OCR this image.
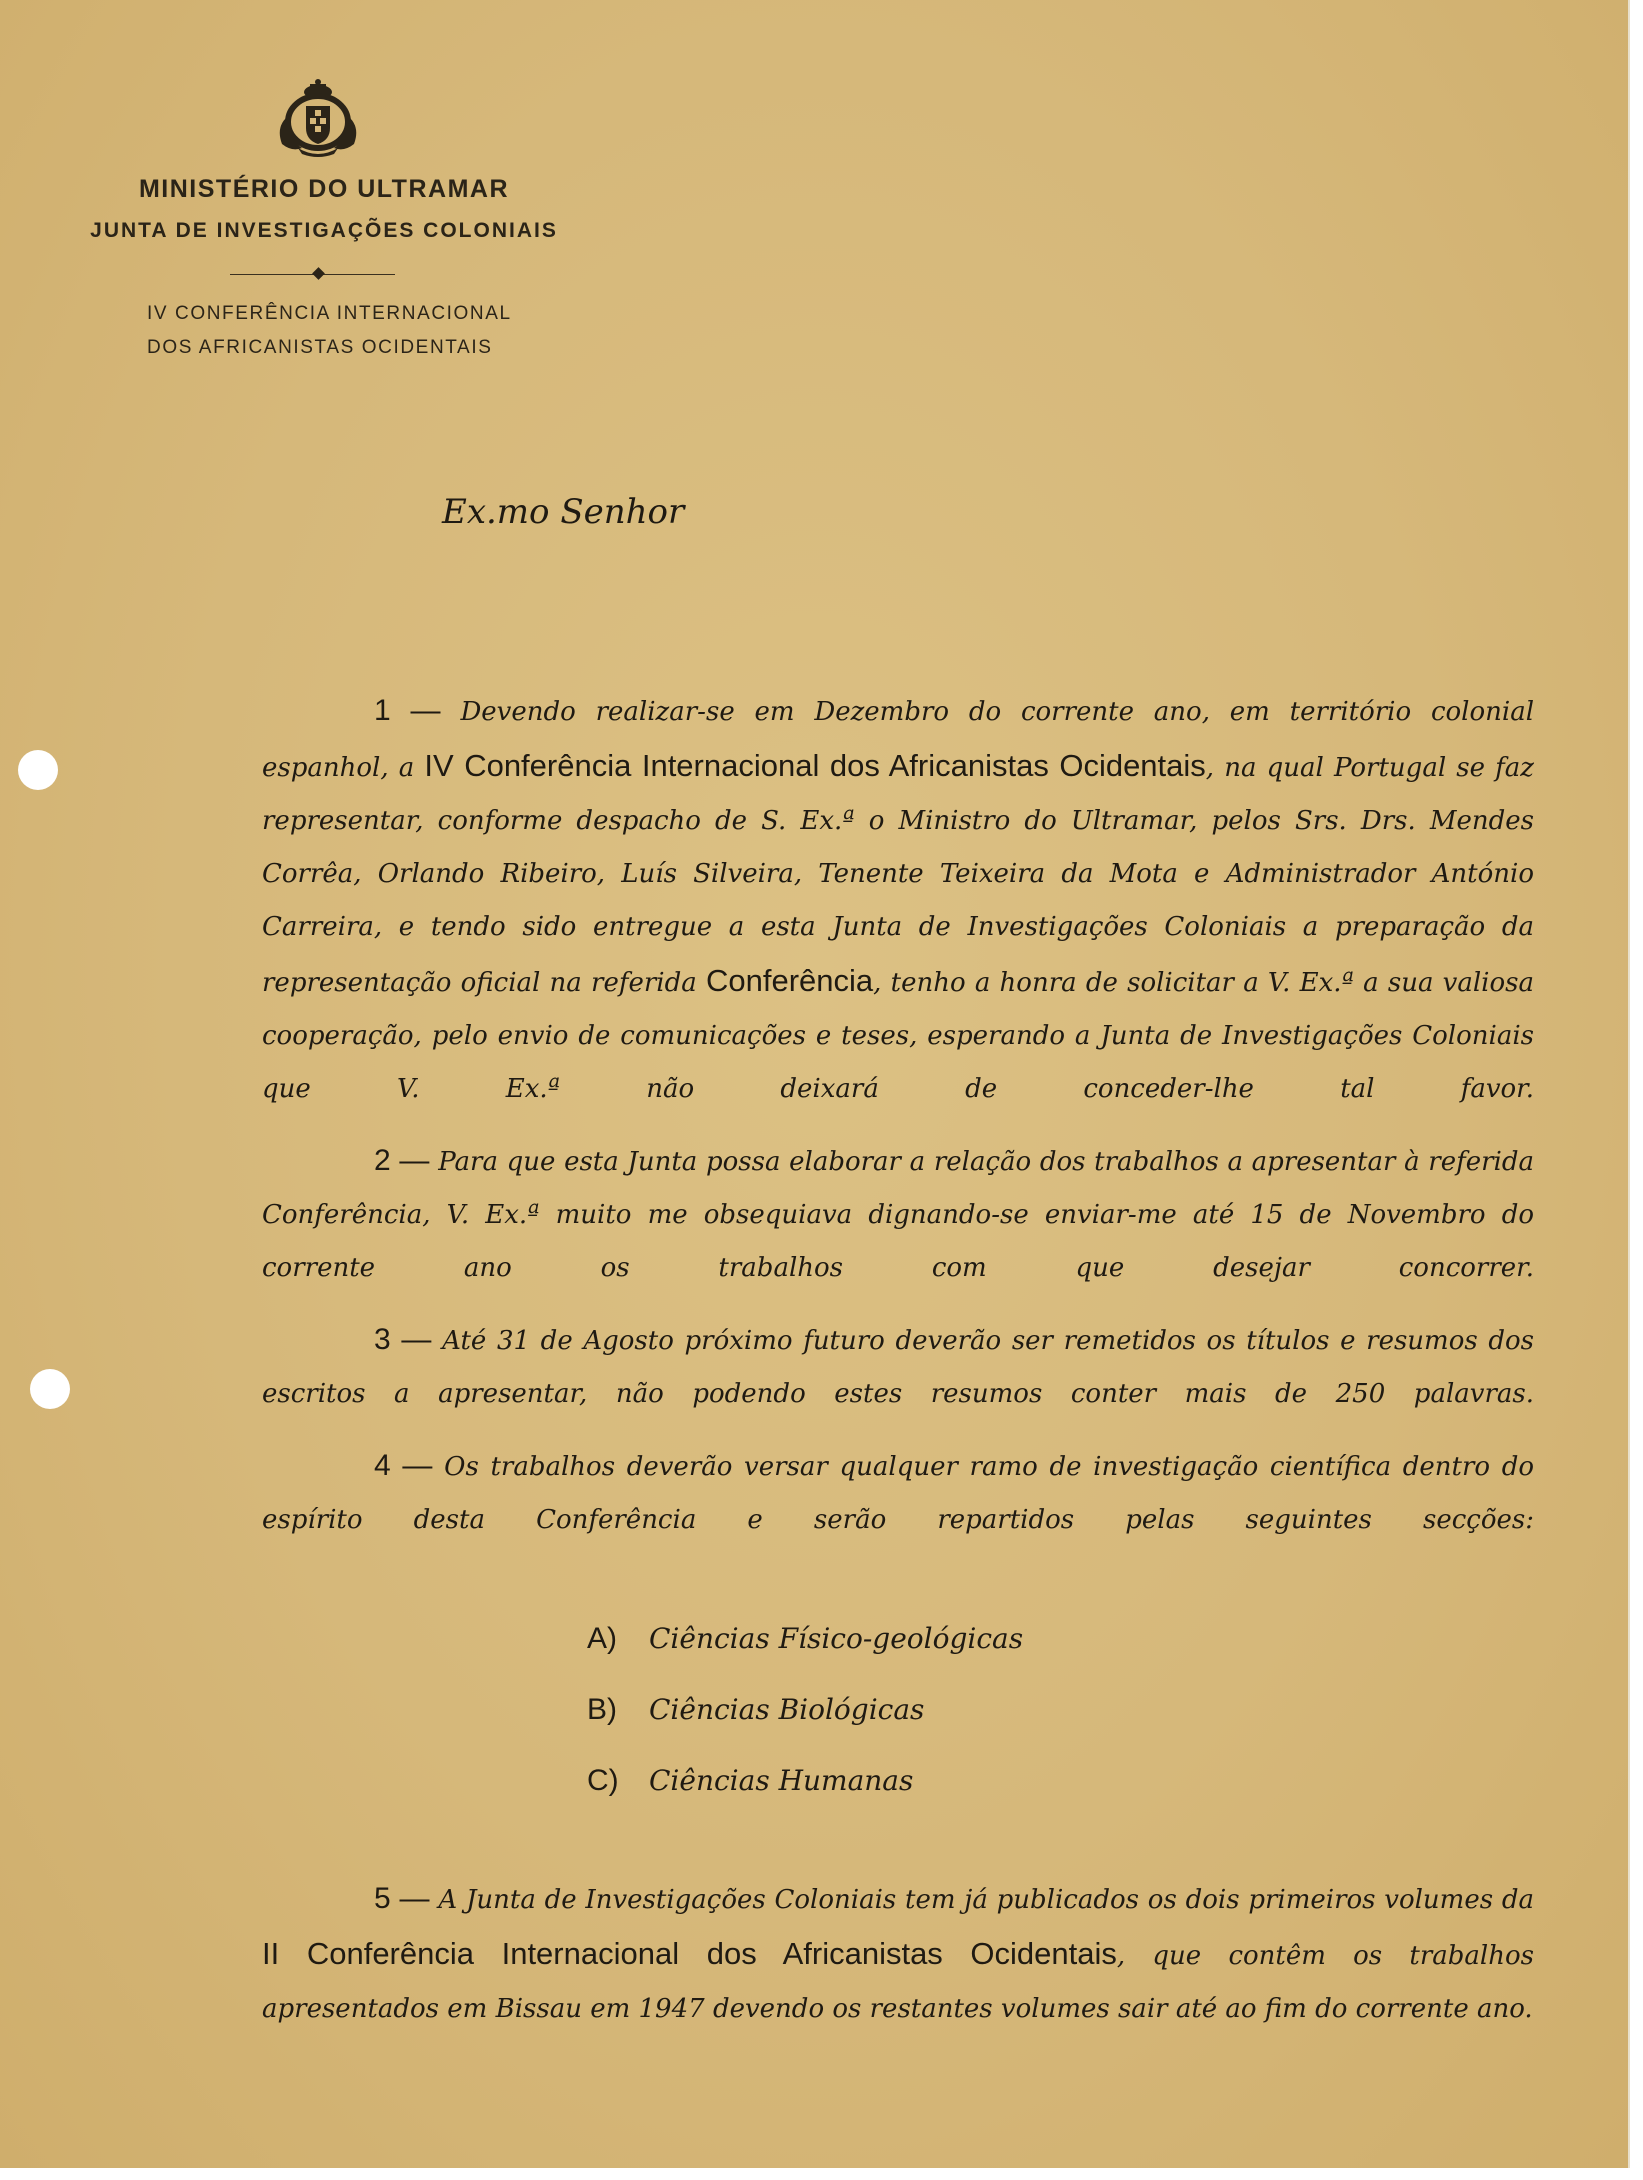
MINISTÉRIO DO ULTRAMAR
JUNTA DE INVESTIGAÇÕES COLONIAIS
IV CONFERÊNCIA INTERNACIONAL
DOS AFRICANISTAS OCIDENTAIS
Ex.mo Senhor

1 — Devendo realizar-se em Dezembro do corrente ano, em território colonial espanhol, a IV Conferência Internacional dos Africanistas Ocidentais, na qual Portugal se faz representar, conforme despacho de S. Ex.ª o Ministro do Ultramar, pelos Srs. Drs. Mendes Corrêa, Orlando Ribeiro, Luís Silveira, Tenente Teixeira da Mota e Administrador António Carreira, e tendo sido entregue a esta Junta de Investigações Coloniais a preparação da representação oficial na referida Conferência, tenho a honra de solicitar a V. Ex.ª a sua valiosa cooperação, pelo envio de comunicações e teses, esperando a Junta de Investigações Coloniais que V. Ex.ª não deixará de conceder-lhe tal favor.

2 — Para que esta Junta possa elaborar a relação dos trabalhos a apresentar à referida Conferência, V. Ex.ª muito me obsequiava dignando-se enviar-me até 15 de Novembro do corrente ano os trabalhos com que desejar concorrer.

3 — Até 31 de Agosto próximo futuro deverão ser remetidos os títulos e resumos dos escritos a apresentar, não podendo estes resumos conter mais de 250 palavras.

4 — Os trabalhos deverão versar qualquer ramo de investigação científica dentro do espírito desta Conferência e serão repartidos pelas seguintes secções:

A) Ciências Físico-geológicas
B) Ciências Biológicas
C) Ciências Humanas

5 — A Junta de Investigações Coloniais tem já publicados os dois primeiros volumes da II Conferência Internacional dos Africanistas Ocidentais, que contêm os trabalhos apresentados em Bissau em 1947 devendo os restantes volumes sair até ao fim do corrente ano.
